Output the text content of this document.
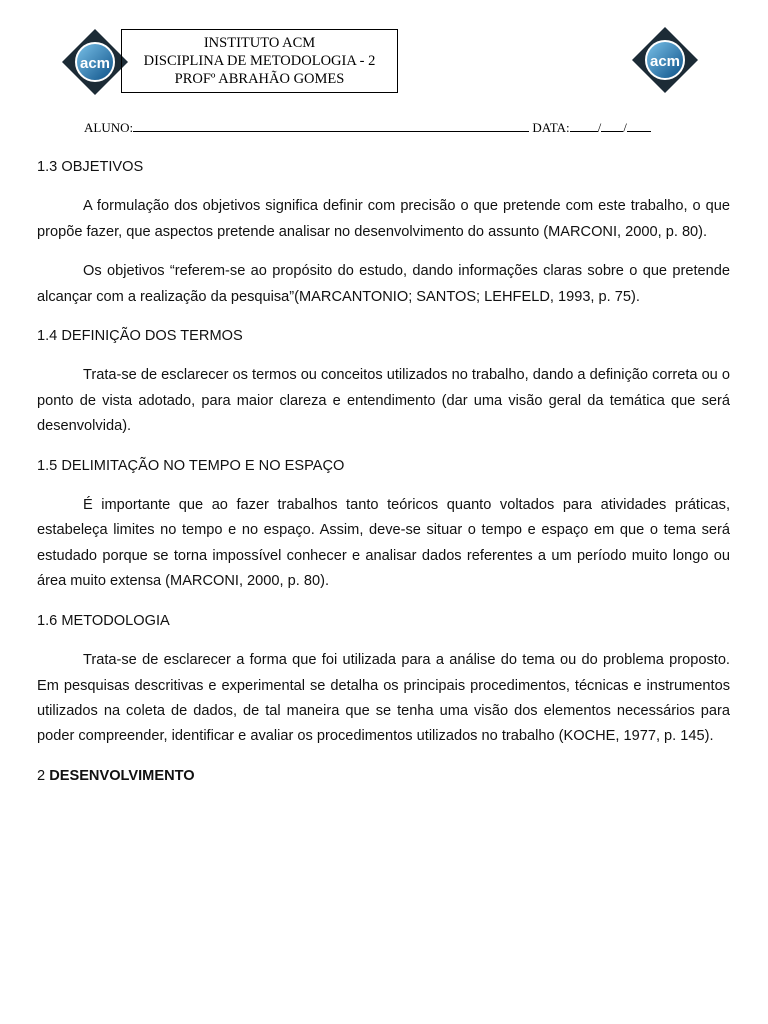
acm
INSTITUTO ACM
DISCIPLINA DE METODOLOGIA - 2
PROFº ABRAHÃO GOMES
acm
ALUNO:	DATA: / /
1.3 OBJETIVOS

A formulação dos objetivos significa definir com precisão o que pretende com este trabalho, o que propõe fazer, que aspectos pretende analisar no desenvolvimento do assunto (MARCONI, 2000, p. 80).

Os objetivos “referem-se ao propósito do estudo, dando informações claras sobre o que pretende alcançar com a realização da pesquisa”(MARCANTONIO; SANTOS; LEHFELD, 1993, p. 75).

1.4 DEFINIÇÃO DOS TERMOS

Trata-se de esclarecer os termos ou conceitos utilizados no trabalho, dando a definição correta ou o ponto de vista adotado, para maior clareza e entendimento (dar uma visão geral da temática que será desenvolvida).

1.5 DELIMITAÇÃO NO TEMPO E NO ESPAÇO

É importante que ao fazer trabalhos tanto teóricos quanto voltados para atividades práticas, estabeleça limites no tempo e no espaço. Assim, deve-se situar o tempo e espaço em que o tema será estudado porque se torna impossível conhecer e analisar dados referentes a um período muito longo ou área muito extensa (MARCONI, 2000, p. 80).

1.6 METODOLOGIA

Trata-se de esclarecer a forma que foi utilizada para a análise do tema ou do problema proposto. Em pesquisas descritivas e experimental se detalha os principais procedimentos, técnicas e instrumentos utilizados na coleta de dados, de tal maneira que se tenha uma visão dos elementos necessários para poder compreender, identificar e avaliar os procedimentos utilizados no trabalho (KOCHE, 1977, p. 145).

2 DESENVOLVIMENTO
